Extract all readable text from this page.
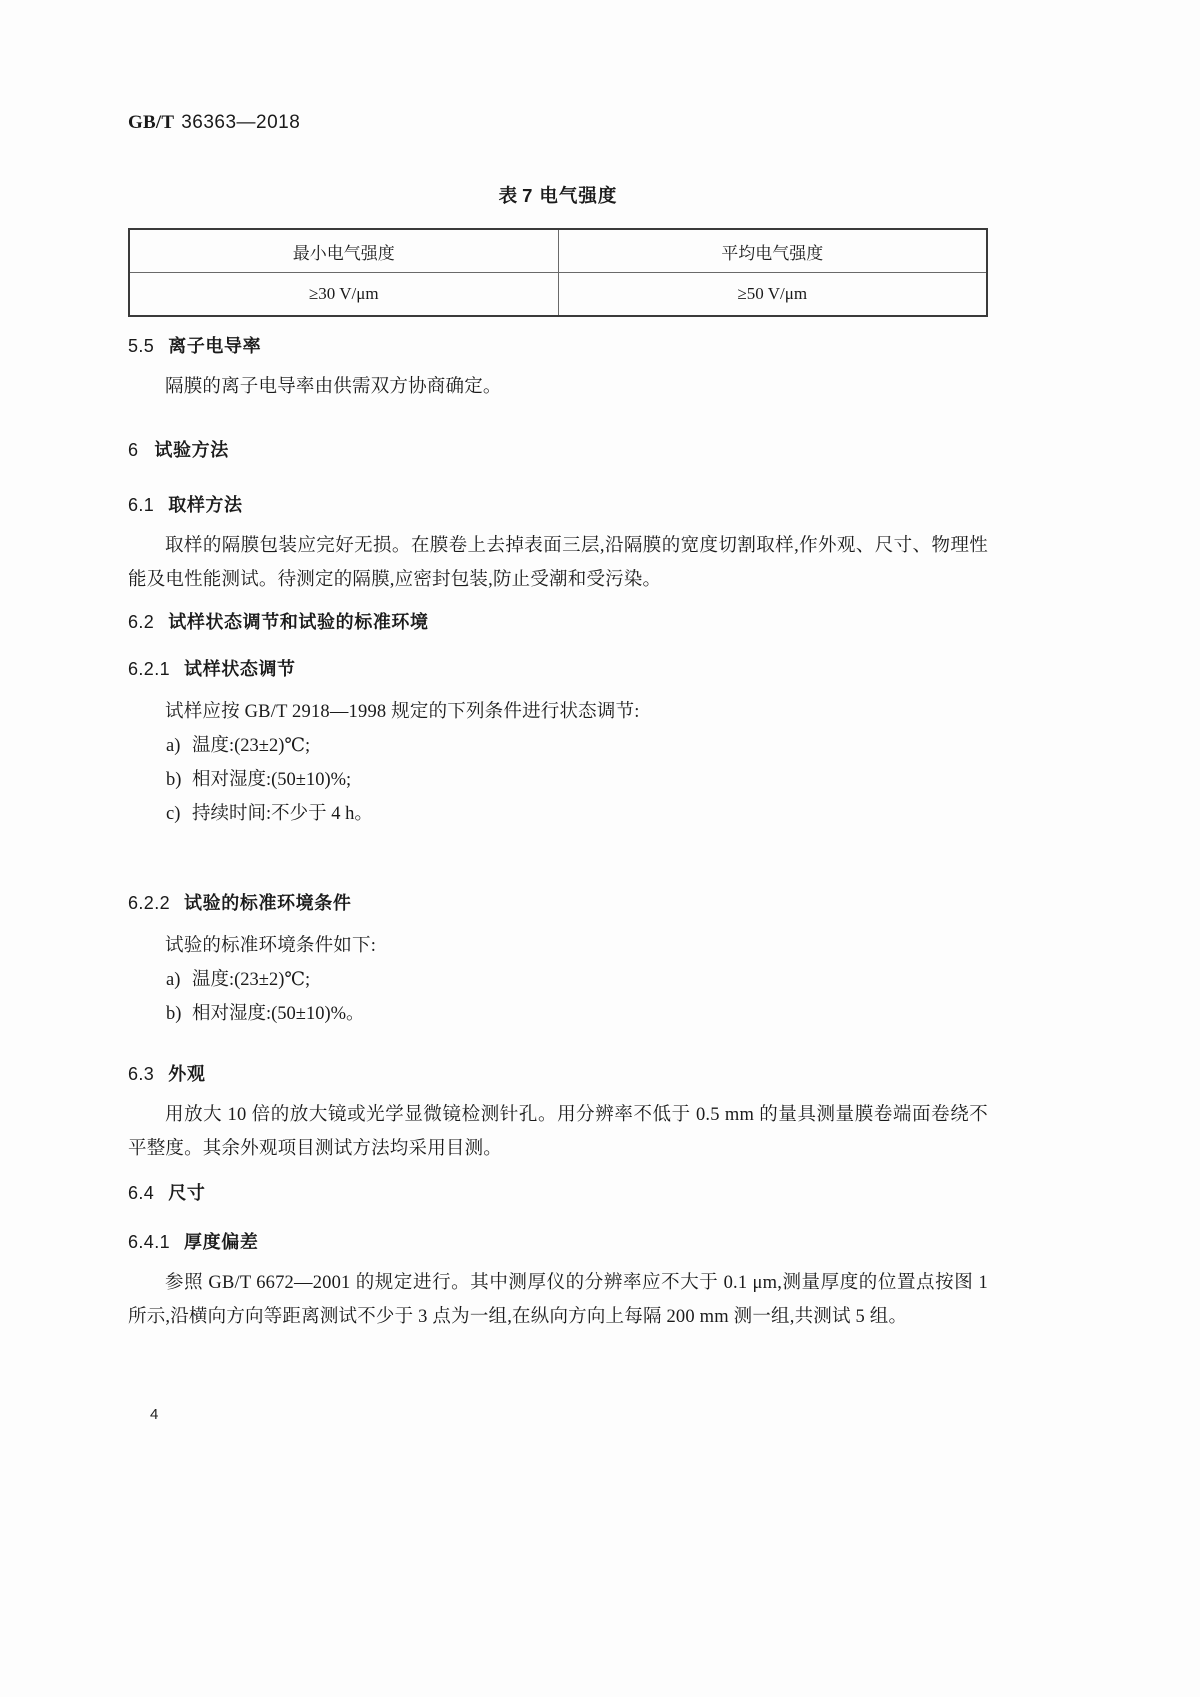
GB/T 36363—2018
表 7 电气强度
最小电气强度	平均电气强度
≥30 V/μm	≥50 V/μm
5.5 离子电导率

隔膜的离子电导率由供需双方协商确定。

6 试验方法
6.1 取样方法

取样的隔膜包装应完好无损。在膜卷上去掉表面三层,沿隔膜的宽度切割取样,作外观、尺寸、物理性能及电性能测试。待测定的隔膜,应密封包装,防止受潮和受污染。

6.2 试样状态调节和试验的标准环境
6.2.1 试样状态调节

试样应按 GB/T 2918—1998 规定的下列条件进行状态调节:

a) 温度:(23±2)℃;
b) 相对湿度:(50±10)%;
c) 持续时间:不少于 4 h。
6.2.2 试验的标准环境条件

试验的标准环境条件如下:

a) 温度:(23±2)℃;
b) 相对湿度:(50±10)%。
6.3 外观

用放大 10 倍的放大镜或光学显微镜检测针孔。用分辨率不低于 0.5 mm 的量具测量膜卷端面卷绕不平整度。其余外观项目测试方法均采用目测。

6.4 尺寸
6.4.1 厚度偏差

参照 GB/T 6672—2001 的规定进行。其中测厚仪的分辨率应不大于 0.1 μm,测量厚度的位置点按图 1 所示,沿横向方向等距离测试不少于 3 点为一组,在纵向方向上每隔 200 mm 测一组,共测试 5 组。

4
